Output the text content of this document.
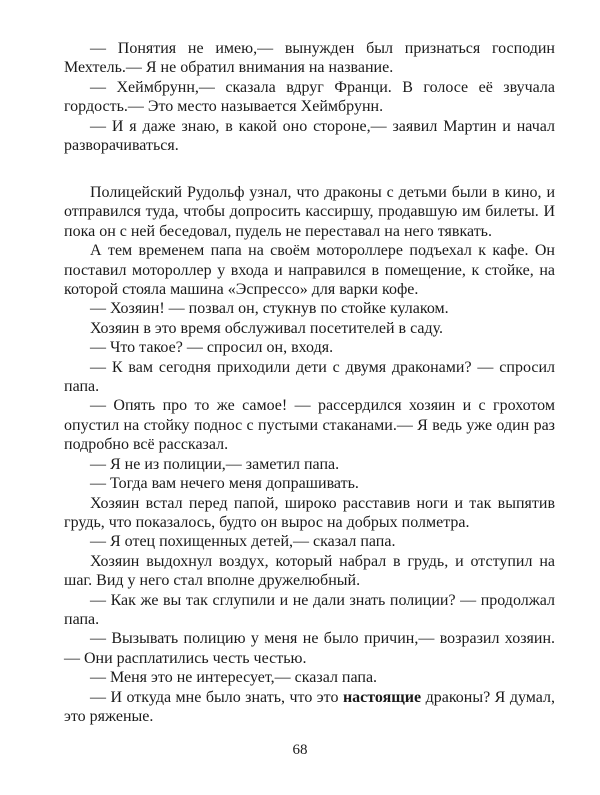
— Понятия не имею,— вынужден был признаться господин Мехтель.— Я не обратил внимания на название.

— Хеймбрунн,— сказала вдруг Франци. В голосе её звучала гордость.— Это место называется Хеймбрунн.

— И я даже знаю, в какой оно стороне,— заявил Мартин и начал разворачиваться.

Полицейский Рудольф узнал, что драконы с детьми были в кино, и отправился туда, чтобы допросить кассиршу, продавшую им билеты. И пока он с ней беседовал, пудель не переставал на него тявкать.

А тем временем папа на своём мотороллере подъехал к кафе. Он поставил мотороллер у входа и направился в помещение, к стойке, на которой стояла машина «Эспрессо» для варки кофе.

— Хозяин! — позвал он, стукнув по стойке кулаком.

Хозяин в это время обслуживал посетителей в саду.

— Что такое? — спросил он, входя.

— К вам сегодня приходили дети с двумя драконами? — спросил папа.

— Опять про то же самое! — рассердился хозяин и с грохотом опустил на стойку поднос с пустыми стаканами.— Я ведь уже один раз подробно всё рассказал.

— Я не из полиции,— заметил папа.

— Тогда вам нечего меня допрашивать.

Хозяин встал перед папой, широко расставив ноги и так выпятив грудь, что показалось, будто он вырос на добрых полметра.

— Я отец похищенных детей,— сказал папа.

Хозяин выдохнул воздух, который набрал в грудь, и отступил на шаг. Вид у него стал вполне дружелюбный.

— Как же вы так сглупили и не дали знать полиции? — продолжал папа.

— Вызывать полицию у меня не было причин,— возразил хозяин.— Они расплатились честь честью.

— Меня это не интересует,— сказал папа.

— И откуда мне было знать, что это настоящие драконы? Я думал, это ряженые.

68
